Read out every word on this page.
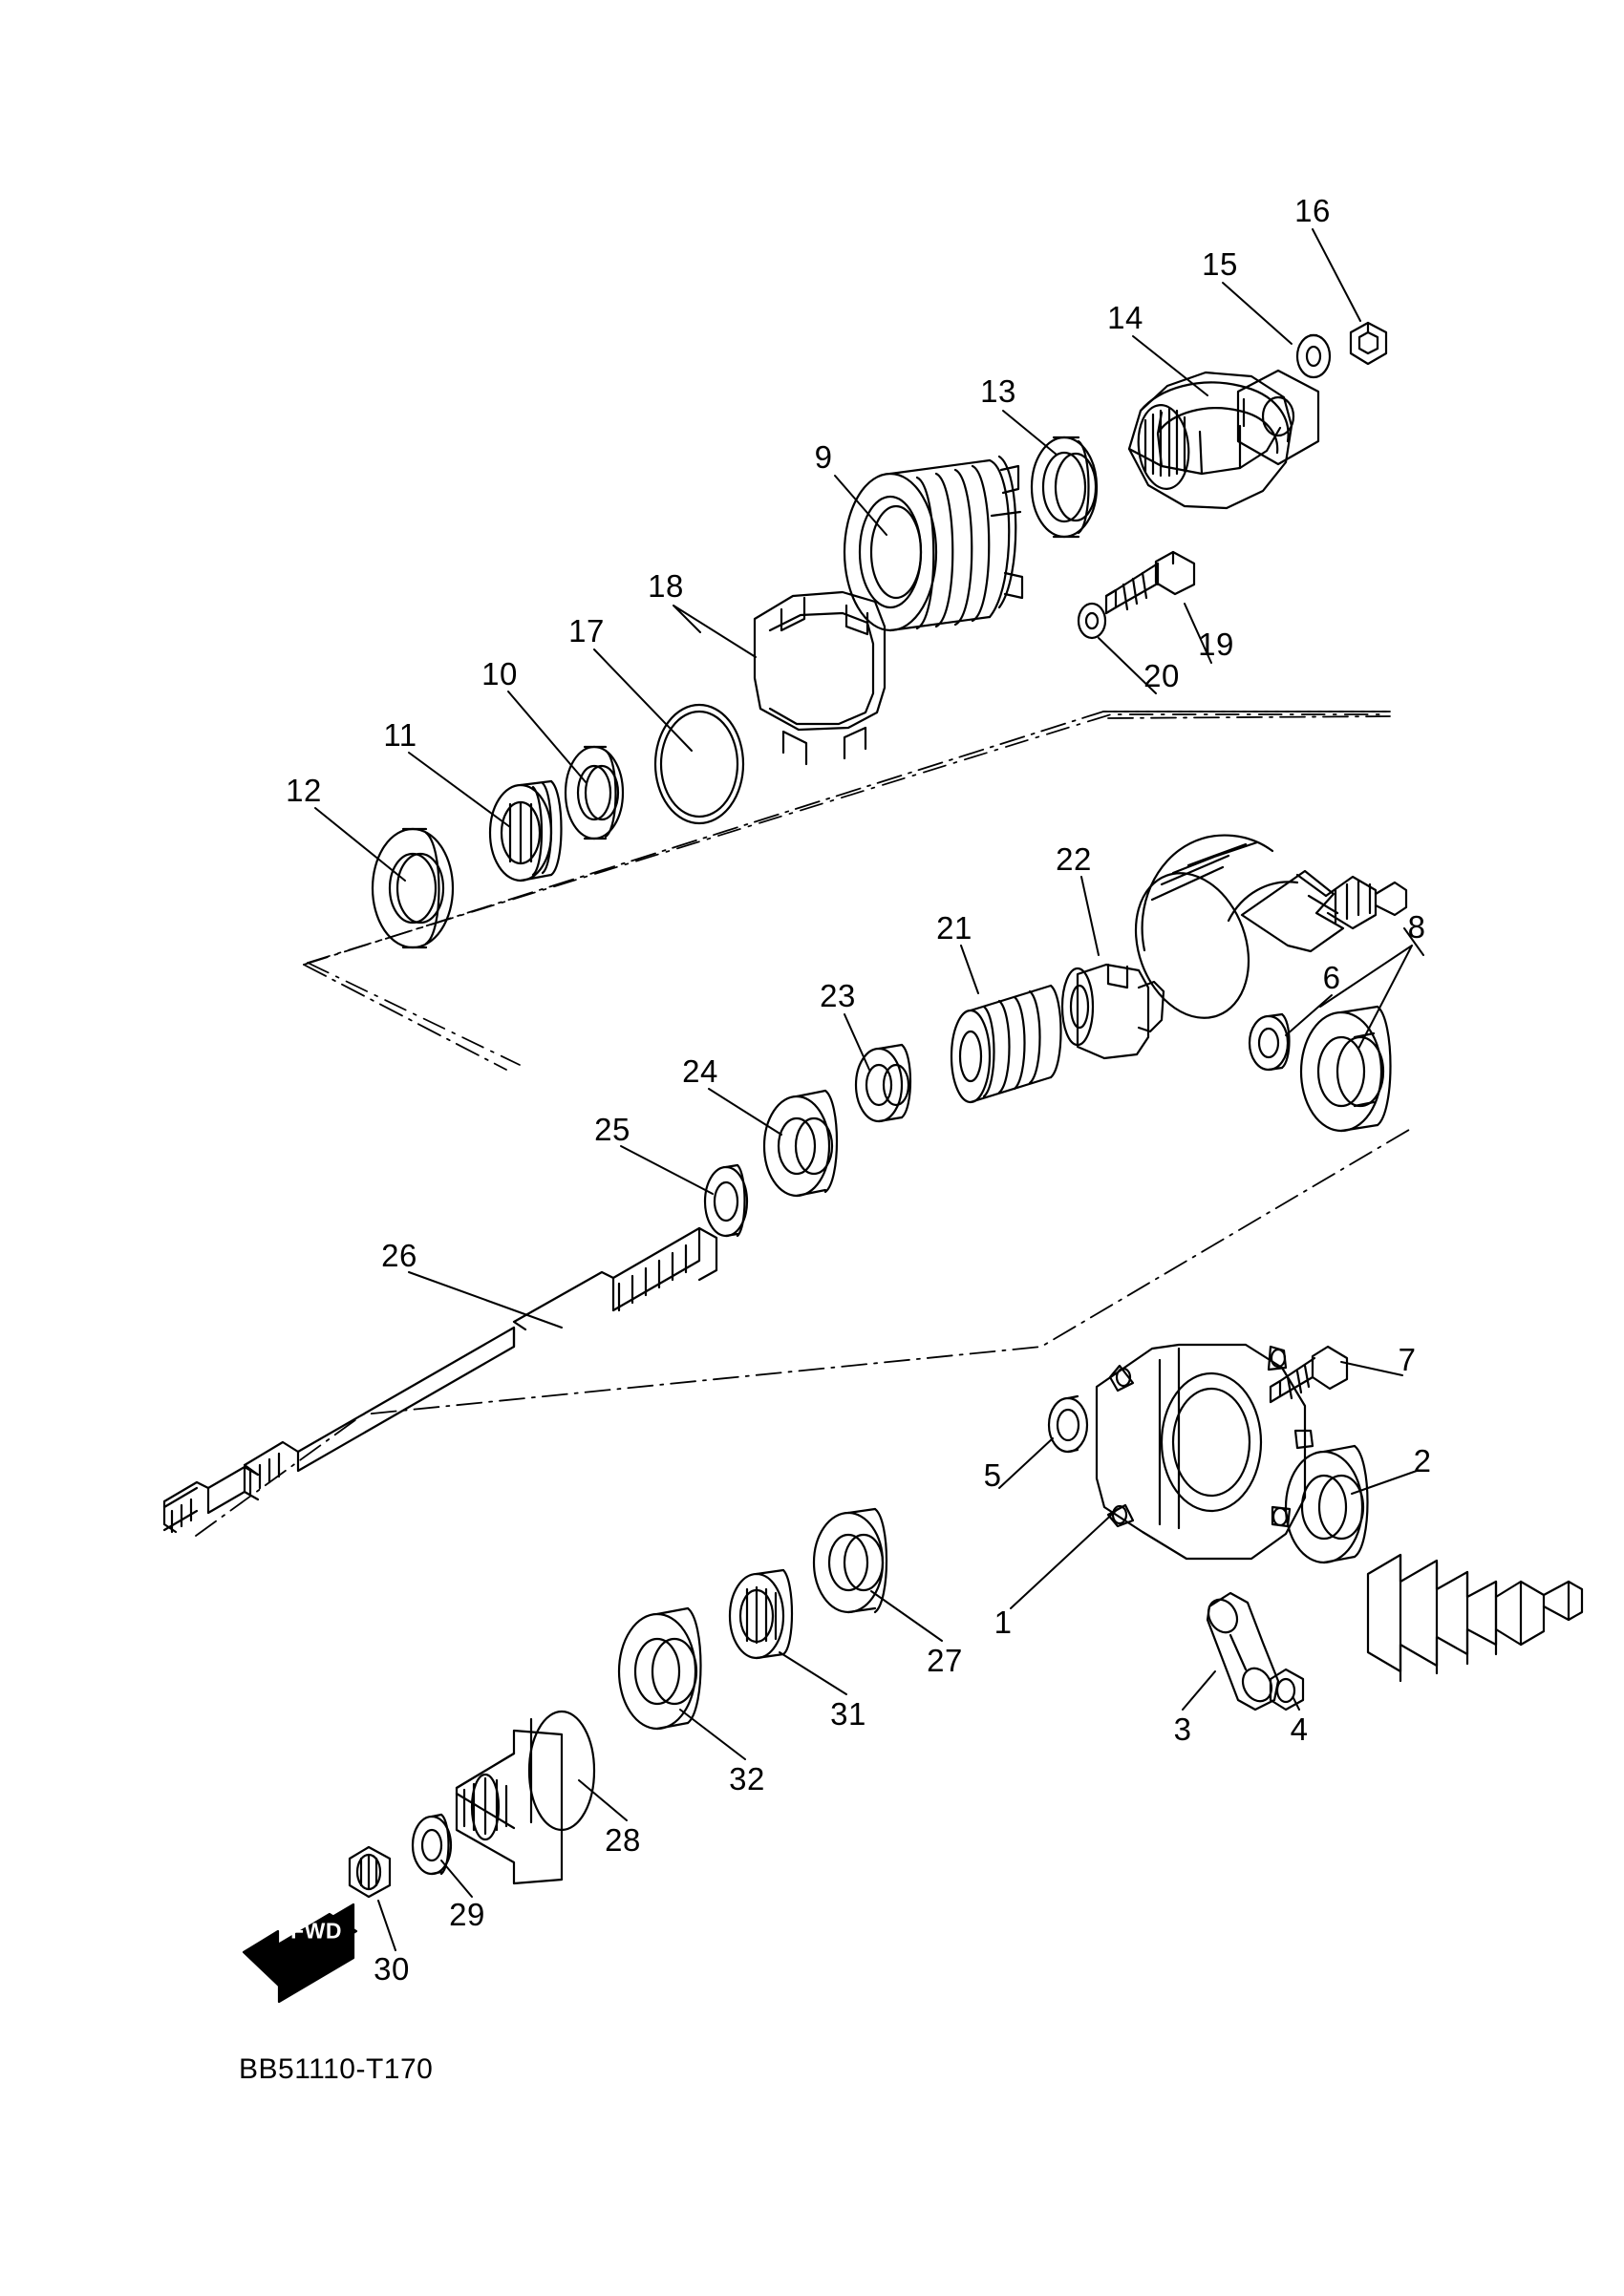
1
2
3	4
5
6
7
8
9
10
11
12
13
14
15
16
17
18
19
20
21
22
23
24
25
26
27
28
29
30
31
32
FWD
BB51110-T170
